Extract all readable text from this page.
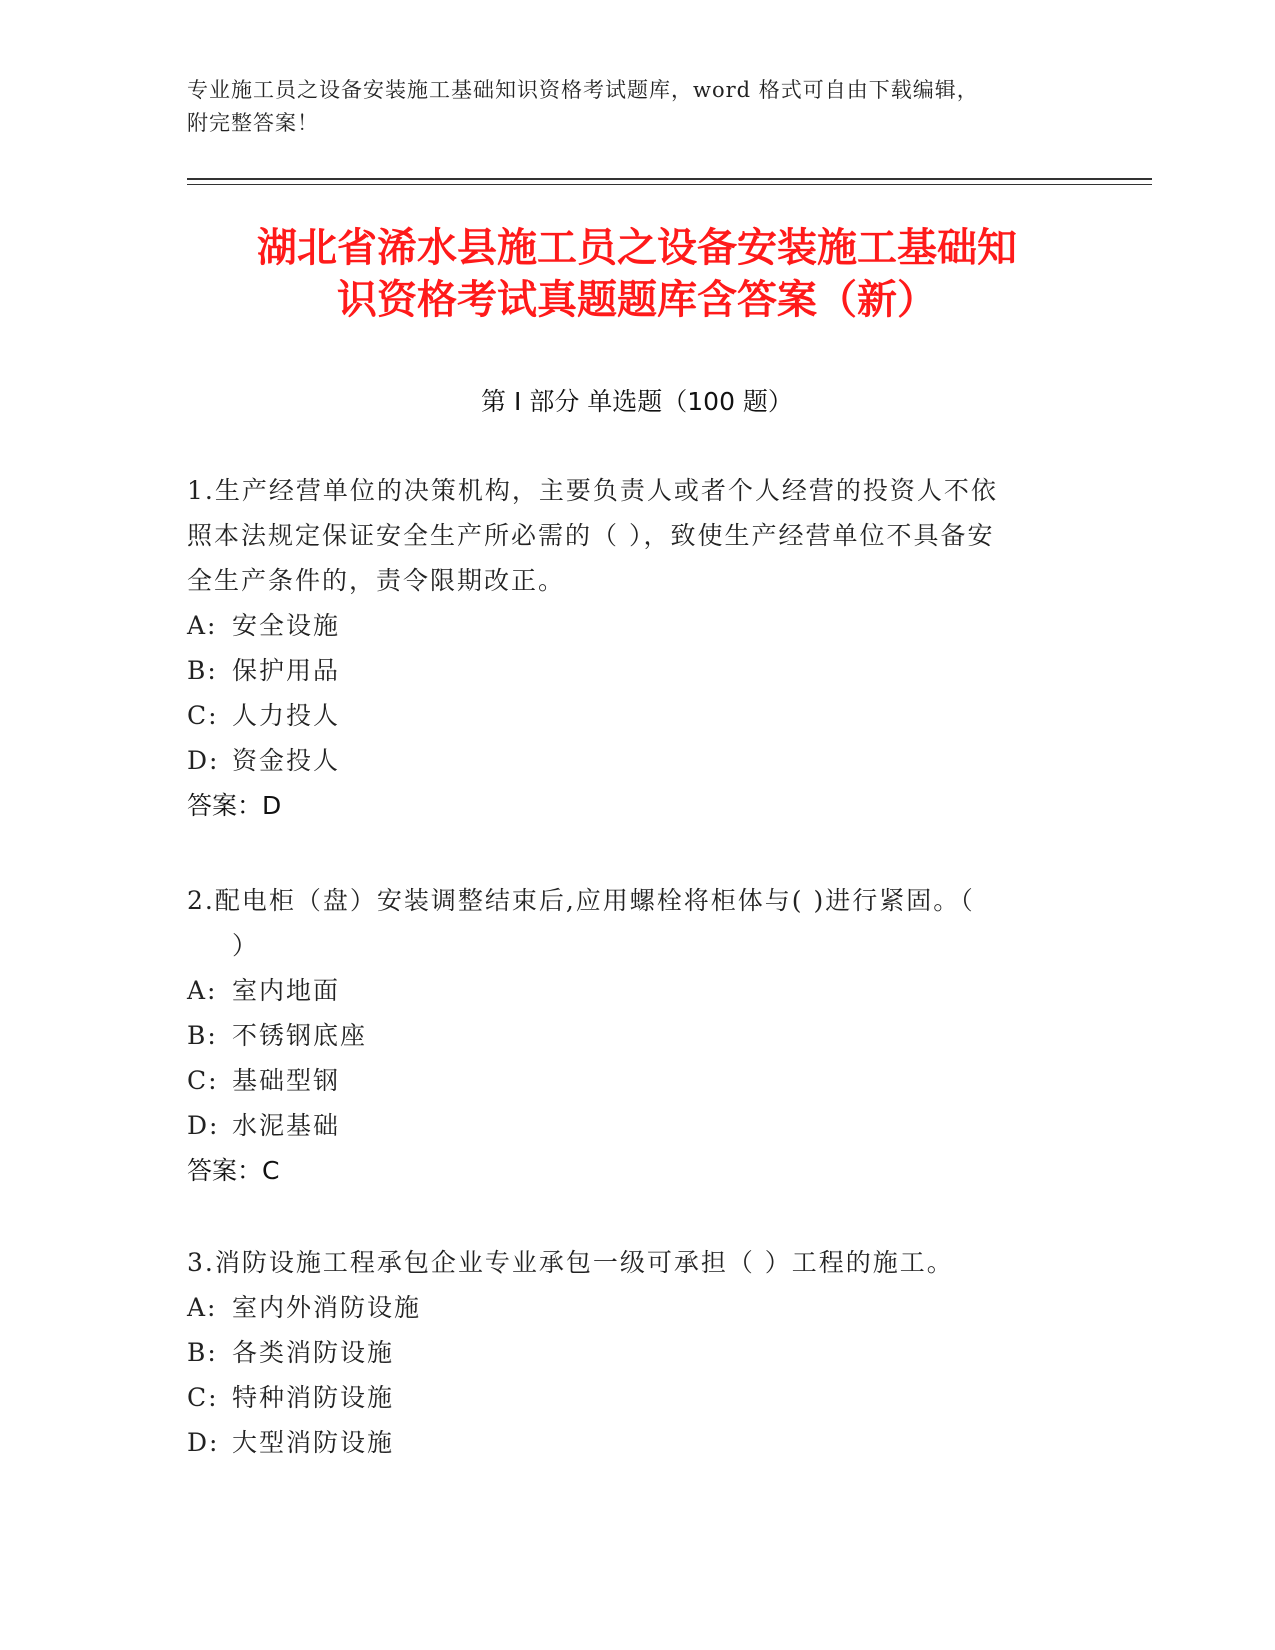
专业施工员之设备安装施工基础知识资格考试题库，word 格式可自由下载编辑，
附完整答案！
湖北省浠水县施工员之设备安装施工基础知
识资格考试真题题库含答案（新）
第 I 部分 单选题（100 题）
1.生产经营单位的决策机构，主要负责人或者个人经营的投资人不依
照本法规定保证安全生产所必需的（ ），致使生产经营单位不具备安
全生产条件的，责令限期改正。
A: 安全设施
B: 保护用品
C: 人力投人
D: 资金投人
答案：D
2.配电柜（盘）安装调整结束后,应用螺栓将柜体与( )进行紧固。（
）
A: 室内地面
B: 不锈钢底座
C: 基础型钢
D: 水泥基础
答案：C
3.消防设施工程承包企业专业承包一级可承担（ ）工程的施工。
A: 室内外消防设施
B: 各类消防设施
C: 特种消防设施
D: 大型消防设施
